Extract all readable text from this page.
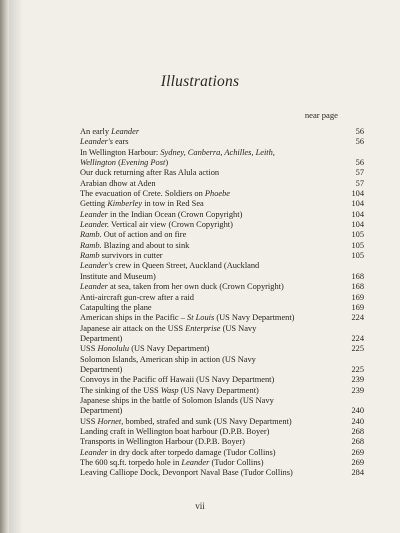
Illustrations
near page
An early Leander	56
Leander's ears	56
In Wellington Harbour: Sydney, Canberra, Achilles, Leith,
Wellington (Evening Post)	56
Our duck returning after Ras Alula action	57
Arabian dhow at Aden	57
The evacuation of Crete. Soldiers on Phoebe	104
Getting Kimberley in tow in Red Sea	104
Leander in the Indian Ocean (Crown Copyright)	104
Leander. Vertical air view (Crown Copyright)	104
Ramb. Out of action and on fire	105
Ramb. Blazing and about to sink	105
Ramb survivors in cutter	105
Leander's crew in Queen Street, Auckland (Auckland
Institute and Museum)	168
Leander at sea, taken from her own duck (Crown Copyright)	168
Anti-aircraft gun-crew after a raid	169
Catapulting the plane	169
American ships in the Pacific – St Louis (US Navy Department)	224
Japanese air attack on the USS Enterprise (US Navy
Department)	224
USS Honolulu (US Navy Department)	225
Solomon Islands, American ship in action (US Navy
Department)	225
Convoys in the Pacific off Hawaii (US Navy Department)	239
The sinking of the USS Wasp (US Navy Department)	239
Japanese ships in the battle of Solomon Islands (US Navy
Department)	240
USS Hornet, bombed, strafed and sunk (US Navy Department)	240
Landing craft in Wellington boat harbour (D.P.B. Boyer)	268
Transports in Wellington Harbour (D.P.B. Boyer)	268
Leander in dry dock after torpedo damage (Tudor Collins)	269
The 600 sq.ft. torpedo hole in Leander (Tudor Collins)	269
Leaving Calliope Dock, Devonport Naval Base (Tudor Collins)	284
vii
